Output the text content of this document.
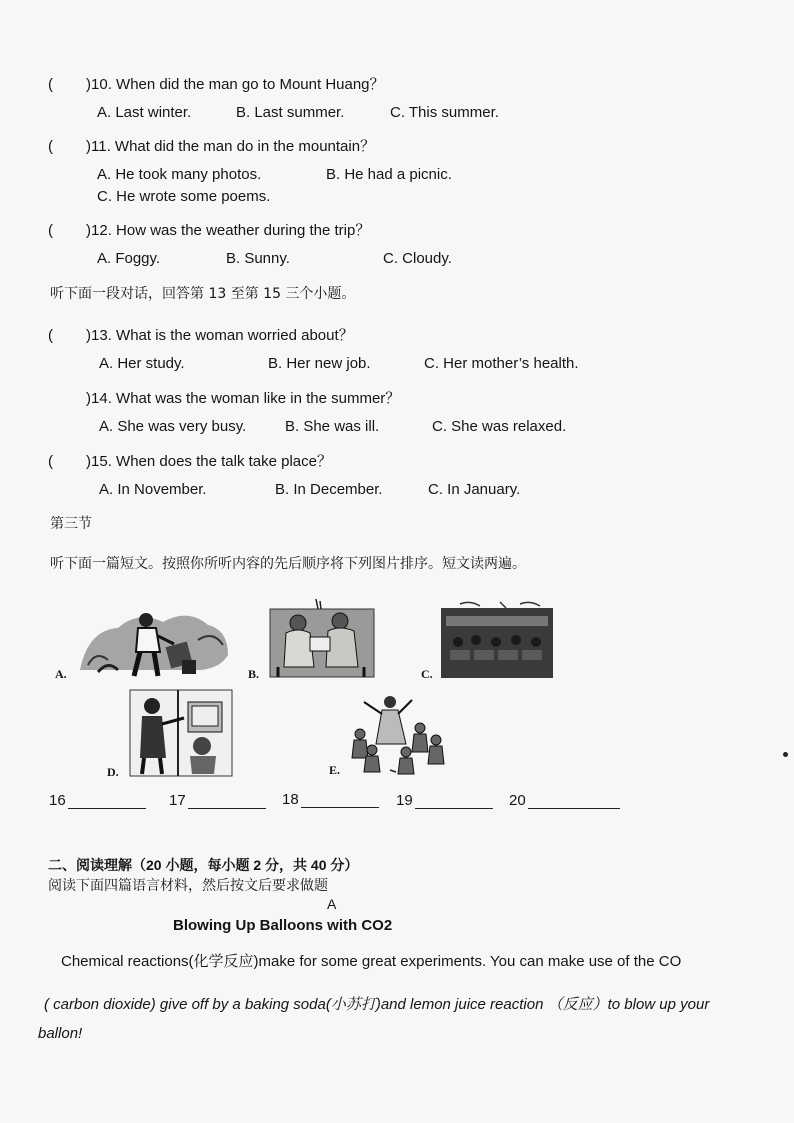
( )10. When did the man go to Mount Huang？
A. Last winter.	B. Last summer.	C. This summer.
( )11. What did the man do in the mountain？
A. He took many photos.	B. He had a picnic.
C. He wrote some poems.
( )12. How was the weather during the trip？
A. Foggy.	B. Sunny.	C. Cloudy.
听下面一段对话，回答第 13 至第 15 三个小题。
( )13. What is the woman worried about？
A. Her study.	B. Her new job.	C. Her mother’s health.
)14. What was the woman like in the summer？
A. She was very busy.	B. She was ill.	C. She was relaxed.
( )15. When does the talk take place？
A. In November.	B. In December.	C. In January.
第三节
听下面一篇短文。按照你所听内容的先后顺序将下列图片排序。短文读两遍。
A.	B.	C.
D.	E.
16	17	18	19	20
二、阅读理解（20 小题，每小题 2 分，共 40 分）
阅读下面四篇语言材料，然后按文后要求做题
A
Blowing Up Balloons with CO2
Chemical reactions(化学反应)make for some great experiments. You can make use of the CO
( carbon dioxide) give off by a baking soda(小苏打)and lemon juice reaction （反应）to blow up your
ballon!
